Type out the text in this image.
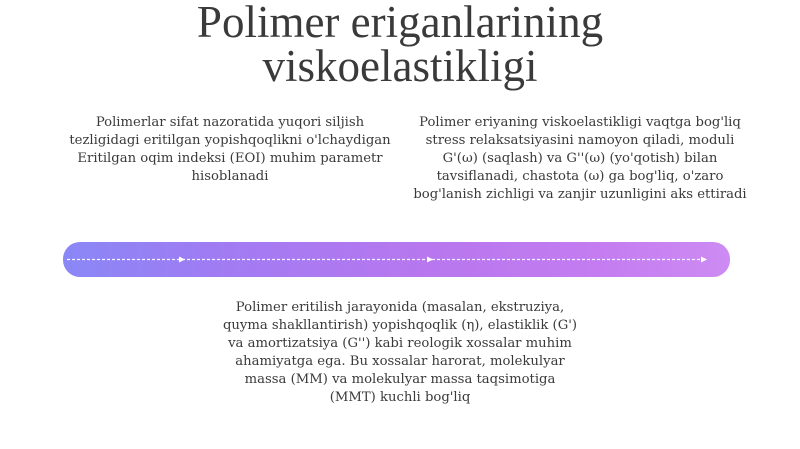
Polimer eriganlarining
viskoelastikligi
Polimerlar sifat nazoratida yuqori siljish tezligidagi eritilgan yopishqoqlikni o'lchaydigan Eritilgan oqim indeksi (EOI) muhim parametr hisoblanadi
Polimer eriyaning viskoelastikligi vaqtga bog'liq stress relaksatsiyasini namoyon qiladi, moduli G'(ω) (saqlash) va G''(ω) (yo'qotish) bilan tavsiflanadi, chastota (ω) ga bog'liq, o'zaro bog'lanish zichligi va zanjir uzunligini aks ettiradi
Polimer eritilish jarayonida (masalan, ekstruziya, quyma shakllantirish) yopishqoqlik (η), elastiklik (G') va amortizatsiya (G'') kabi reologik xossalar muhim ahamiyatga ega. Bu xossalar harorat, molekulyar massa (MM) va molekulyar massa taqsimotiga (MMT) kuchli bog'liq
